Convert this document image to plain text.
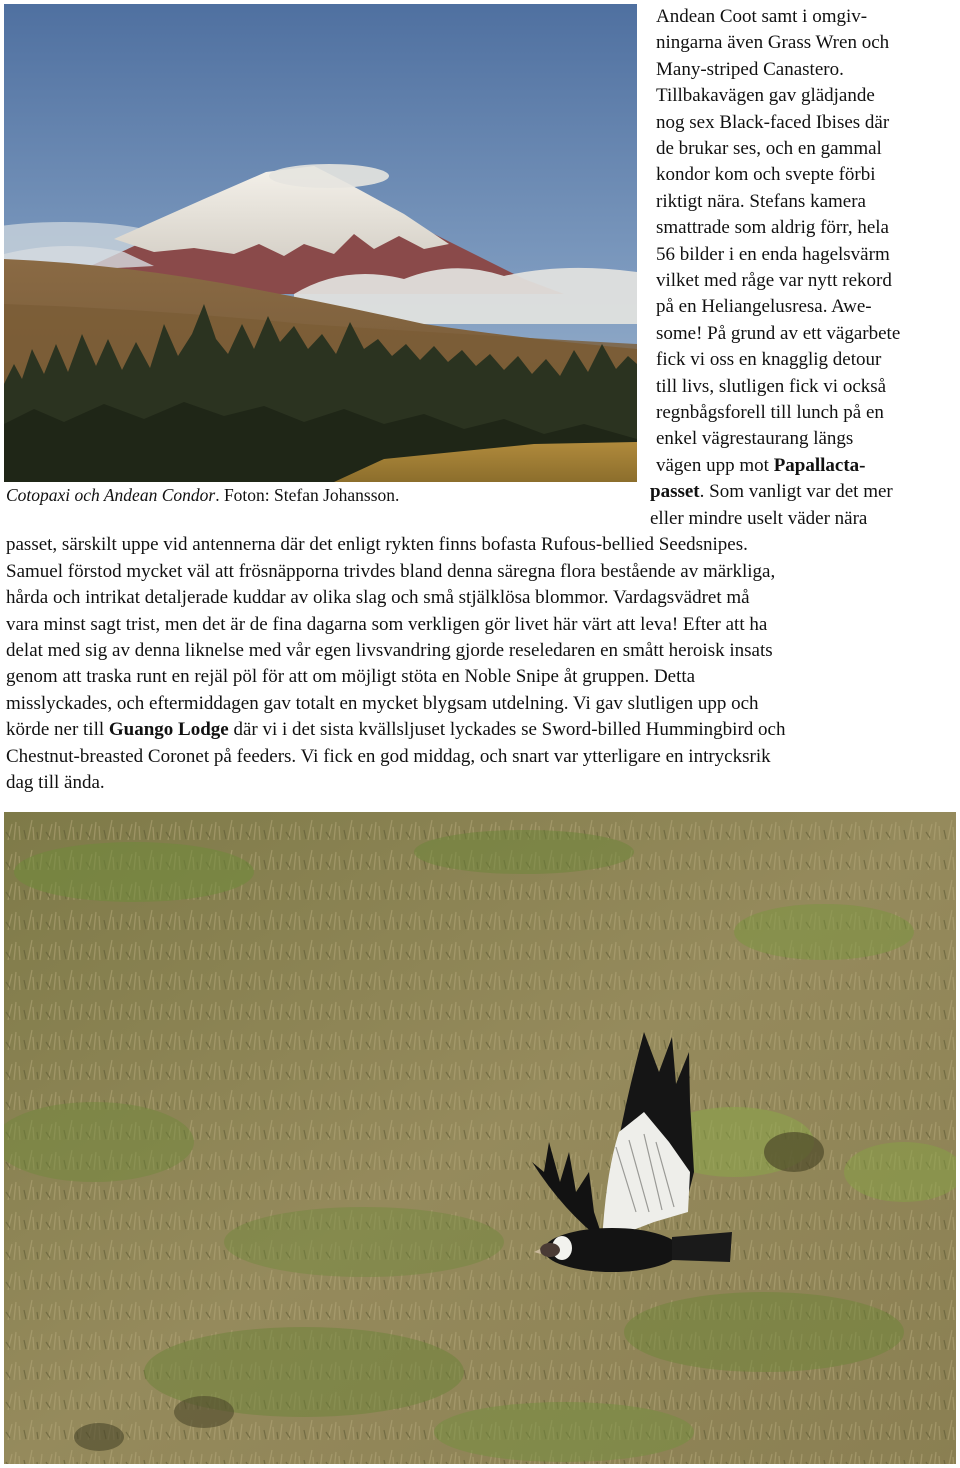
Cotopaxi och Andean Condor. Foton: Stefan Johansson.
Andean Coot samt i omgiv-
ningarna även Grass Wren och
Many-striped Canastero.
Tillbakavägen gav glädjande
nog sex Black-faced Ibises där
de brukar ses, och en gammal
kondor kom och svepte förbi
riktigt nära. Stefans kamera
smattrade som aldrig förr, hela
56 bilder i en enda hagelsvärm
vilket med råge var nytt rekord
på en Heliangelusresa. Awe-
some! På grund av ett vägarbete
fick vi oss en knagglig detour
till livs, slutligen fick vi också
regnbågsforell till lunch på en
enkel vägrestaurang längs
vägen upp mot Papallacta-
passet. Som vanligt var det mer
eller mindre uselt väder nära
passet, särskilt uppe vid antennerna där det enligt rykten finns bofasta Rufous-bellied Seedsnipes.
Samuel förstod mycket väl att frösnäpporna trivdes bland denna säregna flora bestående av märkliga,
hårda och intrikat detaljerade kuddar av olika slag och små stjälklösa blommor. Vardagsvädret må
vara minst sagt trist, men det är de fina dagarna som verkligen gör livet här värt att leva! Efter att ha
delat med sig av denna liknelse med vår egen livsvandring gjorde reseledaren en smått heroisk insats
genom att traska runt en rejäl pöl för att om möjligt stöta en Noble Snipe åt gruppen. Detta
misslyckades, och eftermiddagen gav totalt en mycket blygsam utdelning. Vi gav slutligen upp och
körde ner till Guango Lodge där vi i det sista kvällsljuset lyckades se Sword-billed Hummingbird och
Chestnut-breasted Coronet på feeders. Vi fick en god middag, och snart var ytterligare en intrycksrik
dag till ända.
